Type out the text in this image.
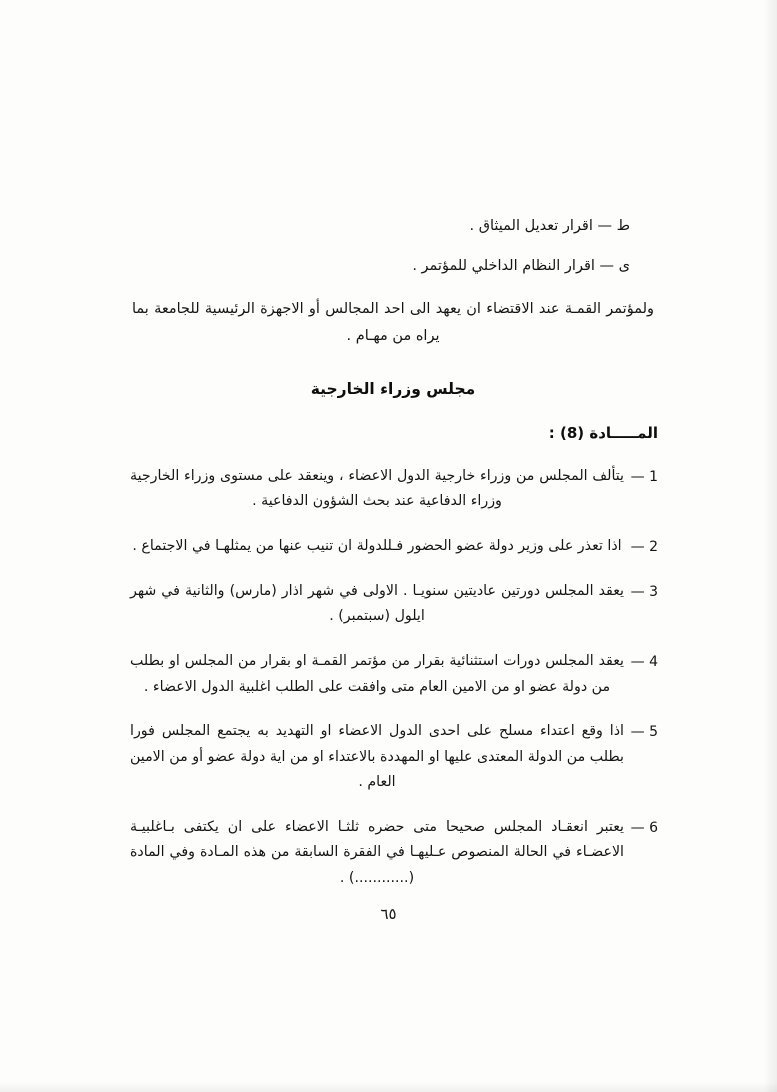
ط — اقرار تعديل الميثاق .
ى — اقرار النظام الداخلي للمؤتمر .
ولمؤتمر القمـة عند الاقتضاء ان يعهد الى احد المجالس أو الاجهزة الرئيسية للجامعة بما يراه من مهـام .
مجلس وزراء الخارجية
المـــــادة (8) :
1 —
يتألف المجلس من وزراء خارجية الدول الاعضاء ، وينعقد على مستوى وزراء الخارجية وزراء الدفاعية عند بحث الشؤون الدفاعية .
2 —
اذا تعذر على وزير دولة عضو الحضور فـللدولة ان تنيب عنها من يمثلهـا في الاجتماع .
3 —
يعقد المجلس دورتين عاديتين سنويـا . الاولى في شهر اذار (مارس) والثانية في شهر ايلول (سبتمبر) .
4 —
يعقد المجلس دورات استثنائية بقرار من مؤتمر القمـة او بقرار من المجلس او بطلب من دولة عضو او من الامين العام متى وافقت على الطلب اغلبية الدول الاعضاء .
5 —
اذا وقع اعتداء مسلح على احدى الدول الاعضاء او التهديد به يجتمع المجلس فورا بطلب من الدولة المعتدى عليها او المهددة بالاعتداء او من اية دولة عضو أو من الامين العام .
6 —
يعتبر انعقـاد المجلس صحيحا متى حضره ثلثـا الاعضاء على ان يكتفى بـاغلبيـة الاعضـاء في الحالة المنصوص عـليهـا في الفقرة السابقة من هذه المـادة وفي المادة (............) .
٦٥
